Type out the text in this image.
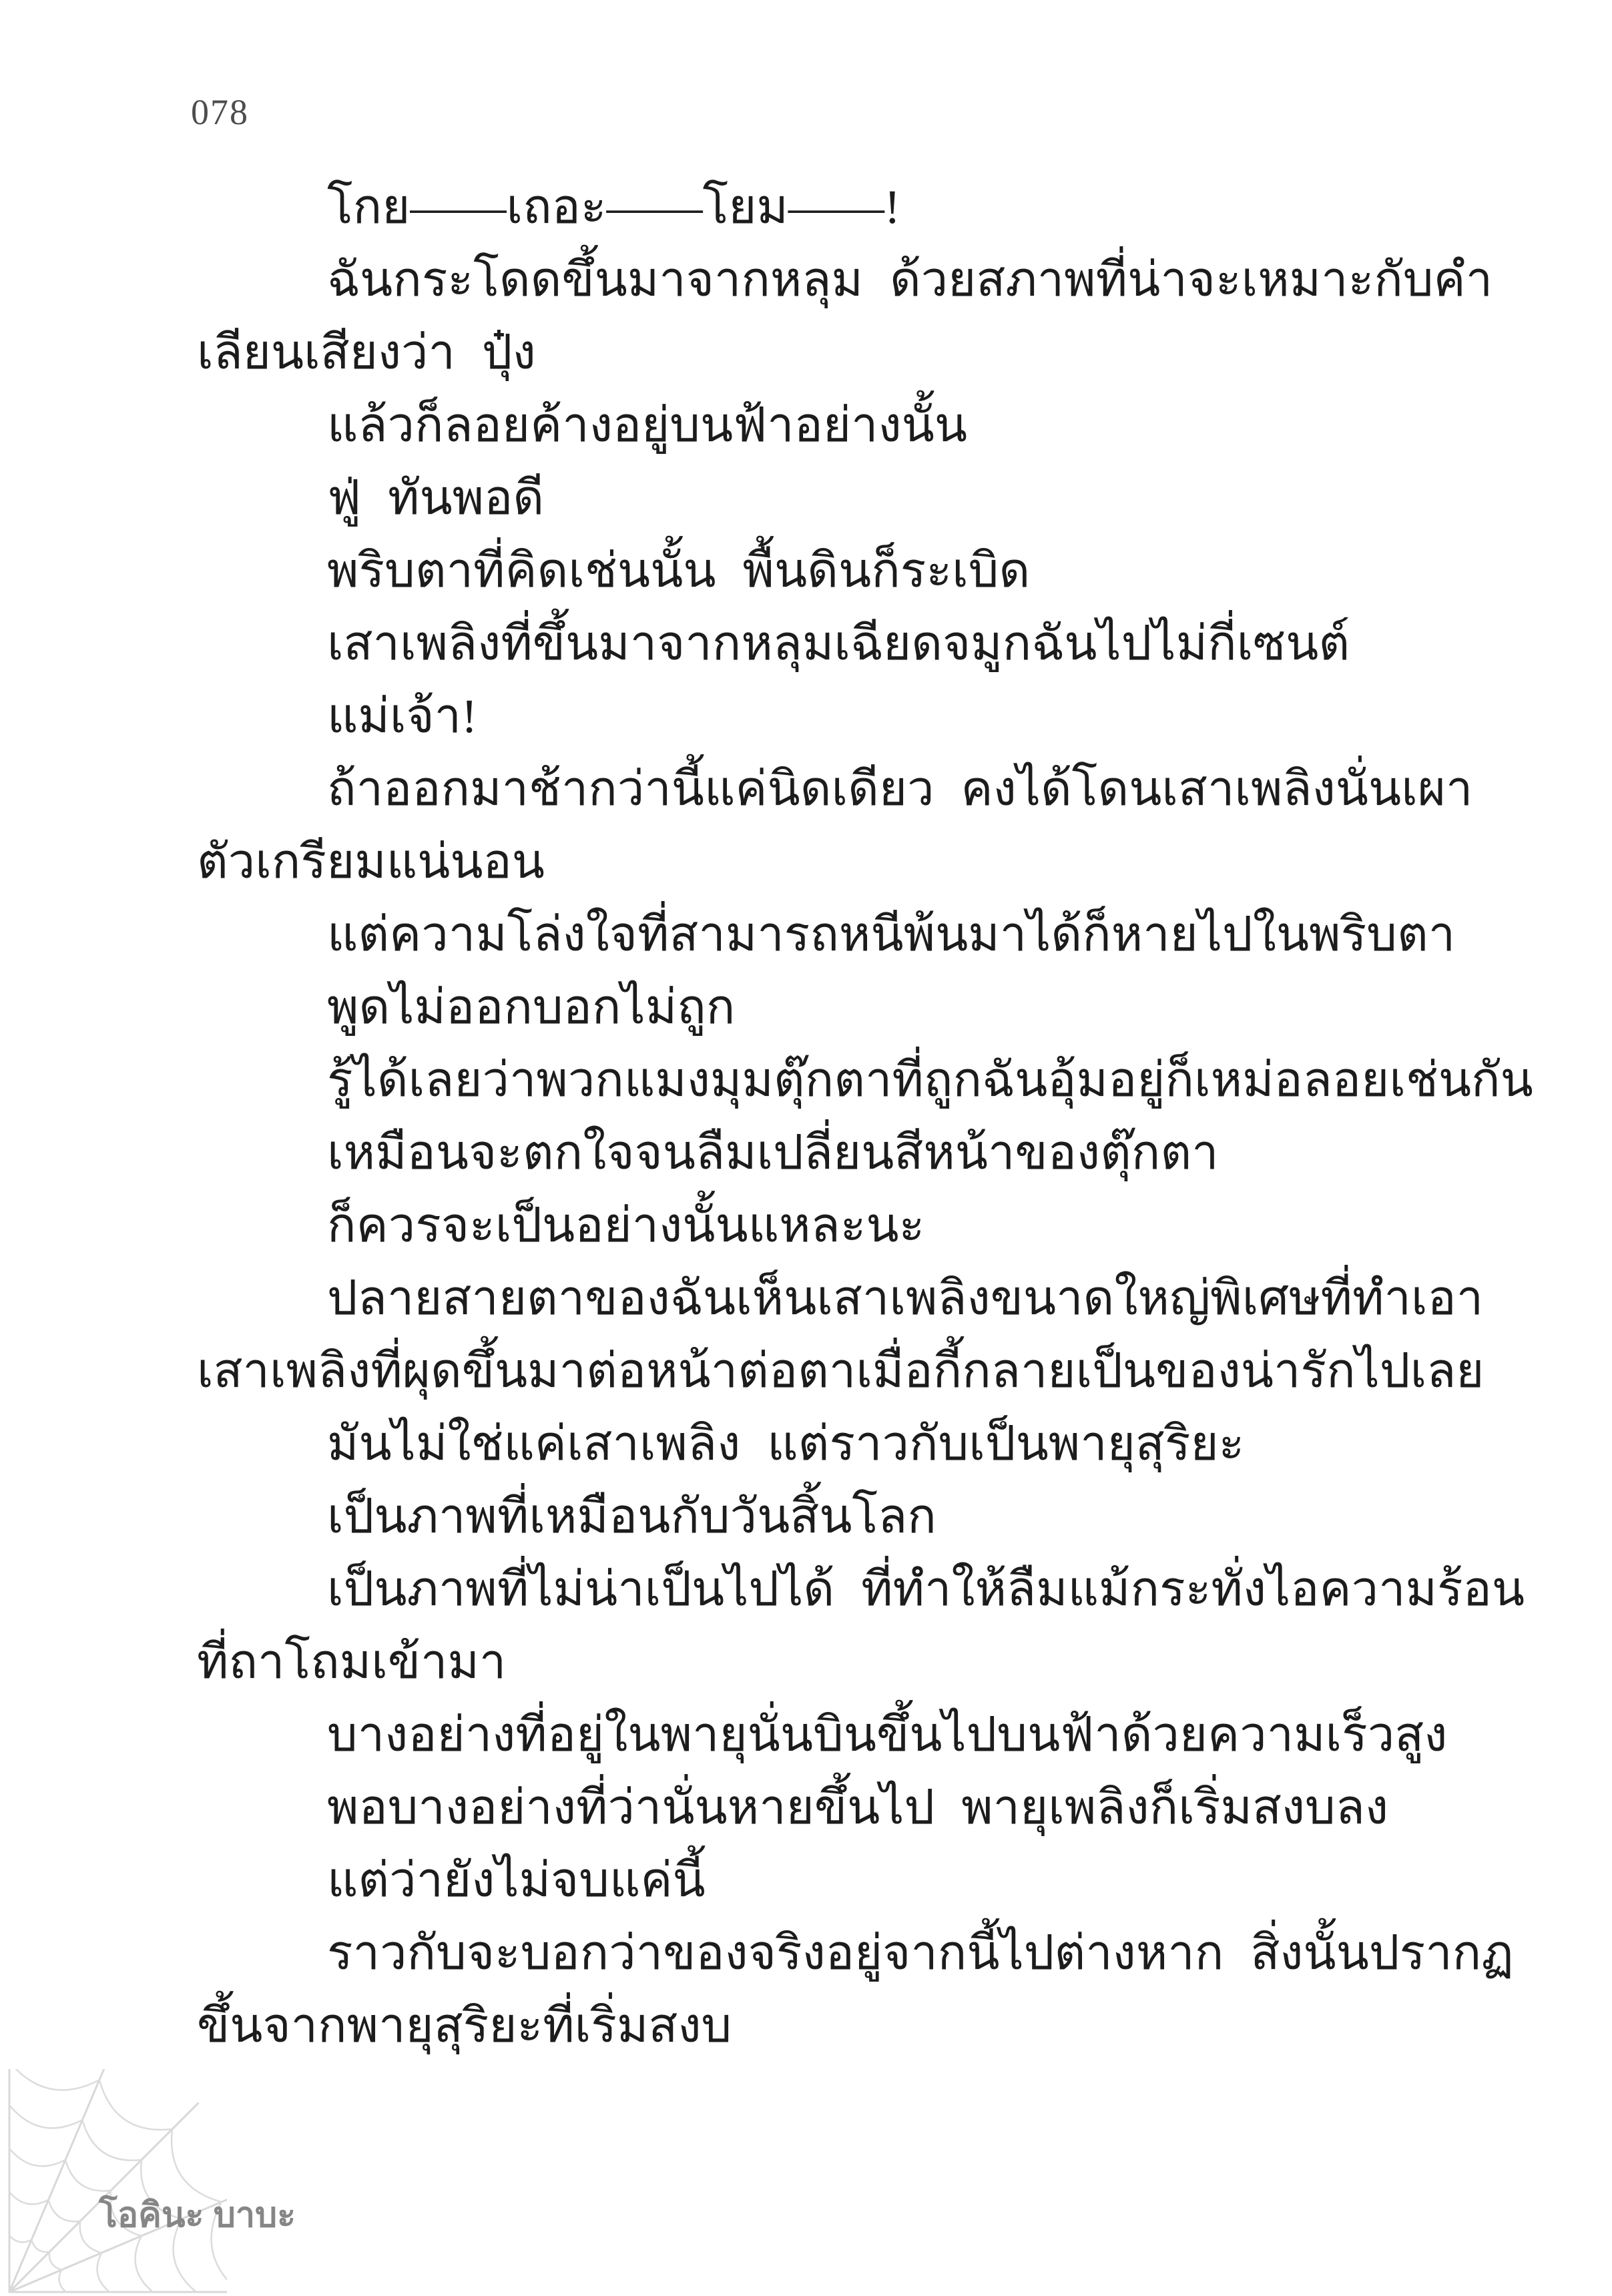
078
โกย——เถอะ——โยม——!
ฉันกระโดดขึ้นมาจากหลุม ด้วยสภาพที่น่าจะเหมาะกับคำ
เลียนเสียงว่า ปุ๋ง
แล้วก็ลอยค้างอยู่บนฟ้าอย่างนั้น
ฟู่ ทันพอดี
พริบตาที่คิดเช่นนั้น พื้นดินก็ระเบิด
เสาเพลิงที่ขึ้นมาจากหลุมเฉียดจมูกฉันไปไม่กี่เซนต์
แม่เจ้า!
ถ้าออกมาช้ากว่านี้แค่นิดเดียว คงได้โดนเสาเพลิงนั่นเผา
ตัวเกรียมแน่นอน
แต่ความโล่งใจที่สามารถหนีพ้นมาได้ก็หายไปในพริบตา
พูดไม่ออกบอกไม่ถูก
รู้ได้เลยว่าพวกแมงมุมตุ๊กตาที่ถูกฉันอุ้มอยู่ก็เหม่อลอยเช่นกัน
เหมือนจะตกใจจนลืมเปลี่ยนสีหน้าของตุ๊กตา
ก็ควรจะเป็นอย่างนั้นแหละนะ
ปลายสายตาของฉันเห็นเสาเพลิงขนาดใหญ่พิเศษที่ทำเอา
เสาเพลิงที่ผุดขึ้นมาต่อหน้าต่อตาเมื่อกี้กลายเป็นของน่ารักไปเลย
มันไม่ใช่แค่เสาเพลิง แต่ราวกับเป็นพายุสุริยะ
เป็นภาพที่เหมือนกับวันสิ้นโลก
เป็นภาพที่ไม่น่าเป็นไปได้ ที่ทำให้ลืมแม้กระทั่งไอความร้อน
ที่ถาโถมเข้ามา
บางอย่างที่อยู่ในพายุนั่นบินขึ้นไปบนฟ้าด้วยความเร็วสูง
พอบางอย่างที่ว่านั่นหายขึ้นไป พายุเพลิงก็เริ่มสงบลง
แต่ว่ายังไม่จบแค่นี้
ราวกับจะบอกว่าของจริงอยู่จากนี้ไปต่างหาก สิ่งนั้นปรากฏ
ขึ้นจากพายุสุริยะที่เริ่มสงบ
โอคินะ บาบะ
